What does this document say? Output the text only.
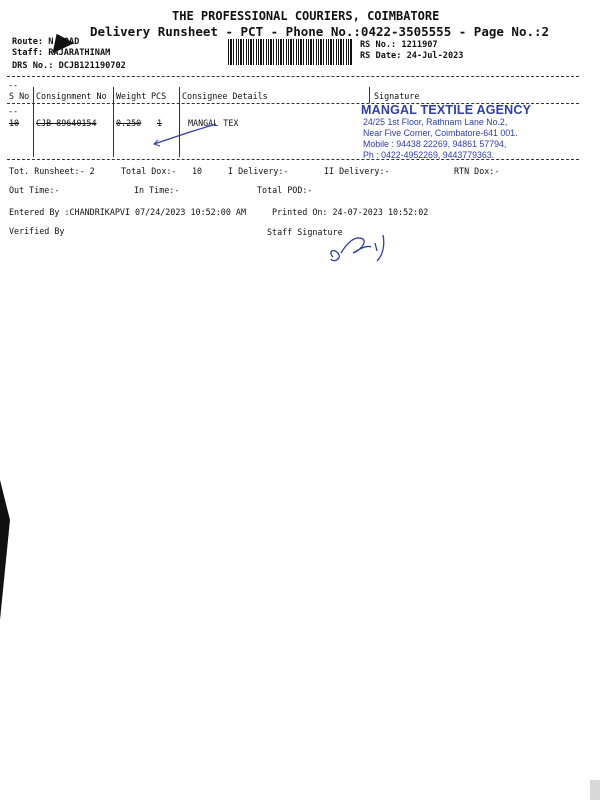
THE PROFESSIONAL COURIERS, COIMBATORE
Delivery Runsheet - PCT - Phone No.:0422-3505555 - Page No.:2
Route: N ROAD
Staff: RAJARATHINAM
DRS No.: DCJB121190702
RS No.: 1211907
RS Date: 24-Jul-2023
--
S No Consignment No Weight PCS Consignee Details	Signature
--
10 CJB 89640154 0.250 1	MANGAL TEX
MANGAL TEXTILE AGENCY
24/25 1st Floor, Rathnam Lane No.2,
Near Five Corner, Coimbatore-641 001.
Mobile : 94438 22269, 94861 57794,
Ph : 0422-4952269, 9443779363.
Tot. Runsheet:- 2	Total Dox:- 10	I Delivery:-	II Delivery:-	RTN Dox:-
Out Time:-	In Time:-	Total POD:-
Entered By :CHANDRIKAPVI 07/24/2023 10:52:00 AM	Printed On: 24-07-2023 10:52:02
Verified By	Staff Signature
